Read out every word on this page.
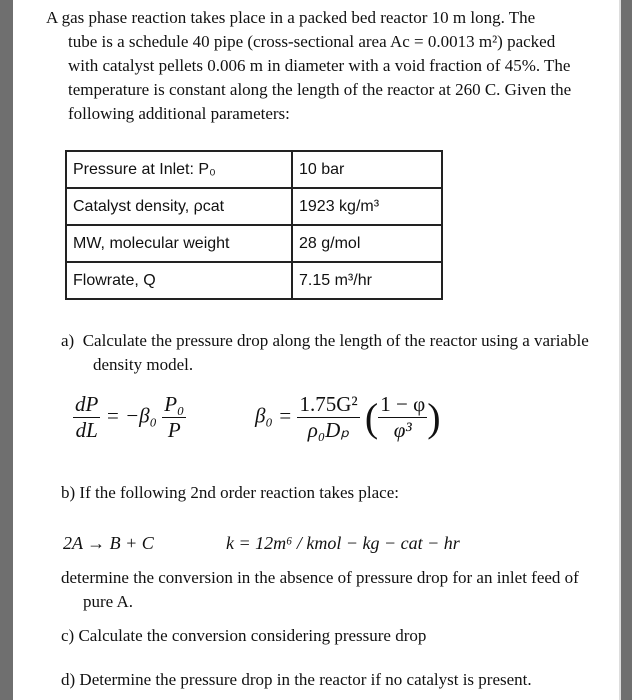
A gas phase reaction takes place in a packed bed reactor 10 m long. The
tube is a schedule 40 pipe (cross-sectional area Ac = 0.0013 m²) packed with catalyst pellets 0.006 m in diameter with a void fraction of 45%. The temperature is constant along the length of the reactor at 260 C. Given the following additional parameters:
Pressure at Inlet: P₀	10 bar
Catalyst density, ρcat	1923 kg/m³
MW, molecular weight	28 g/mol
Flowrate, Q	7.15 m³/hr
a)  Calculate the pressure drop along the length of the reactor using a variable density model.
$\frac{dP}{dL} = -\beta_0 \frac{\text{P₀}}{P}$	$\beta_0 = \frac{\text{1.75G²}}{\text{ρ₀Dₚ}}$ ( $\frac{1 - \varphi}{\text{φ³}}$ )
b) If the following 2nd order reaction takes place:
2A → B + C	k = 12m⁶ / kmol − kg − cat − hr
determine the conversion in the absence of pressure drop for an inlet feed of pure A.
c) Calculate the conversion considering pressure drop
d) Determine the pressure drop in the reactor if no catalyst is present.
